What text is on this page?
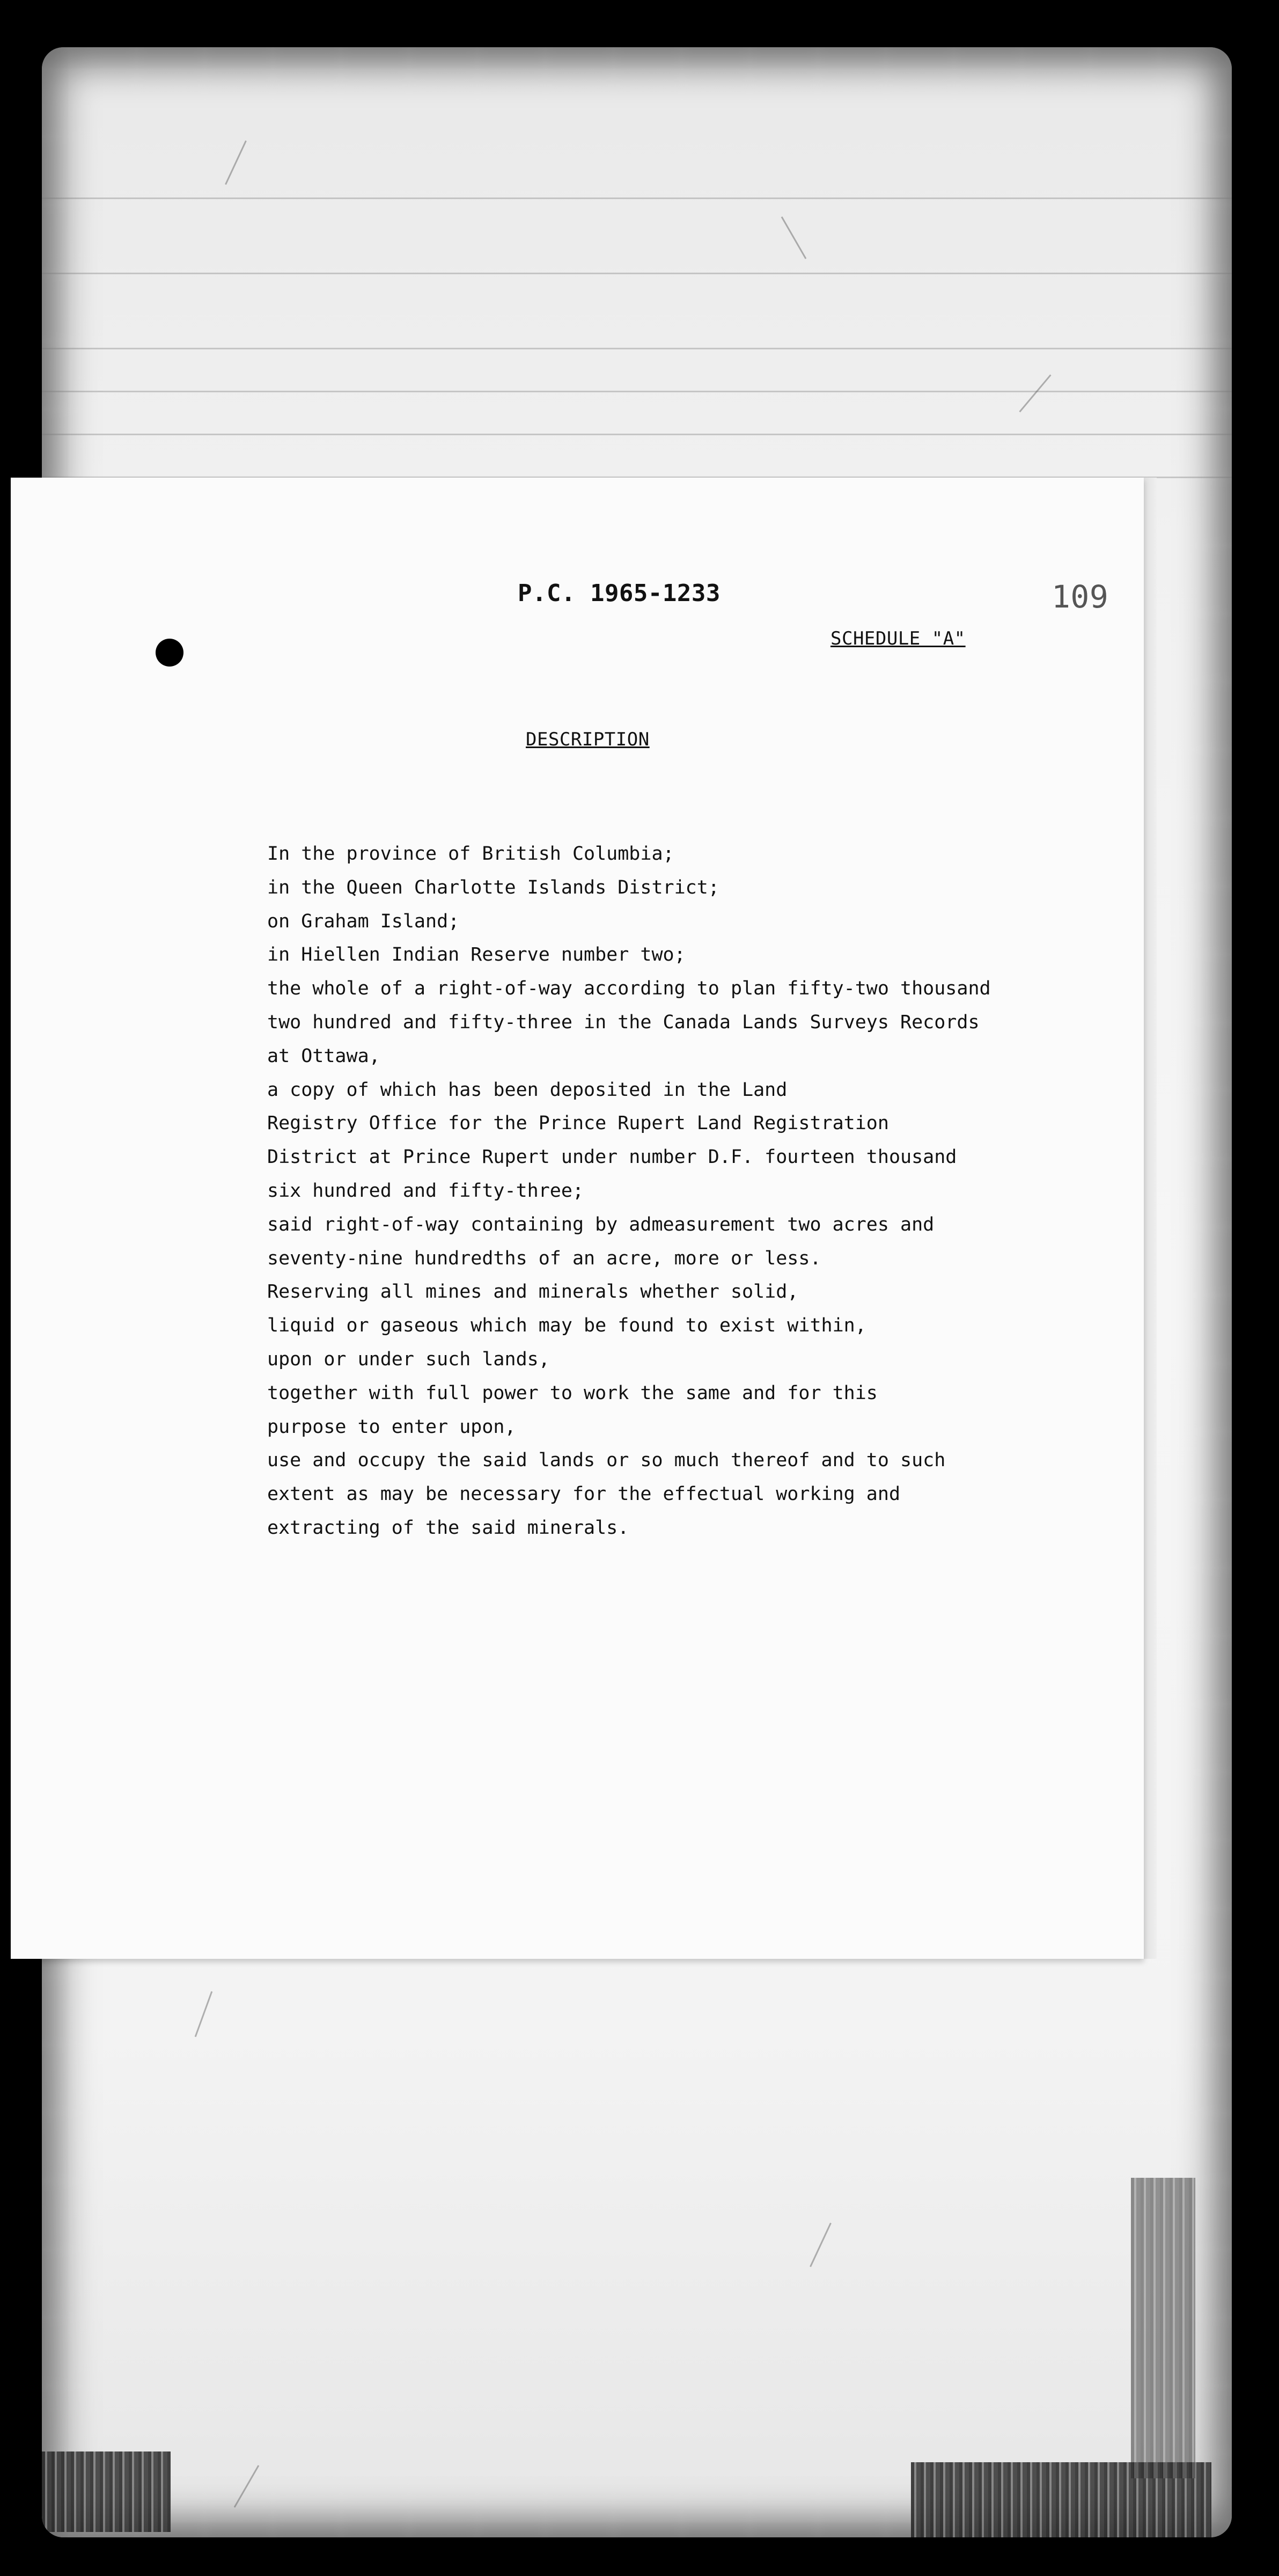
P.C. 1965-1233	109
SCHEDULE "A"
DESCRIPTION
In the province of British Columbia;
in the Queen Charlotte Islands District;
on Graham Island;
in Hiellen Indian Reserve number two;
the whole of a right-of-way according to plan fifty-two thousand
two hundred and fifty-three in the Canada Lands Surveys Records
at Ottawa,
a copy of which has been deposited in the Land
Registry Office for the Prince Rupert Land Registration
District at Prince Rupert under number D.F. fourteen thousand
six hundred and fifty-three;
said right-of-way containing by admeasurement two acres and
seventy-nine hundredths of an acre, more or less.
Reserving all mines and minerals whether solid,
liquid or gaseous which may be found to exist within,
upon or under such lands,
together with full power to work the same and for this
purpose to enter upon,
use and occupy the said lands or so much thereof and to such
extent as may be necessary for the effectual working and
extracting of the said minerals.
